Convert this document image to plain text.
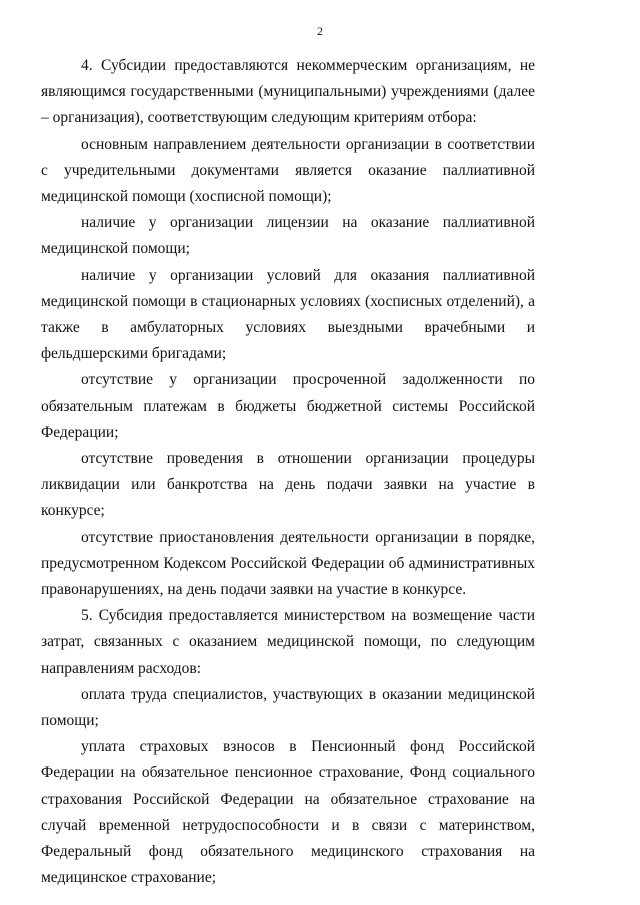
2

4. Субсидии предоставляются некоммерческим организациям, не являющимся государственными (муниципальными) учреждениями (далее – организация), соответствующим следующим критериям отбора:

основным направлением деятельности организации в соответствии с учредительными документами является оказание паллиативной медицинской помощи (хосписной помощи);

наличие у организации лицензии на оказание паллиативной медицинской помощи;

наличие у организации условий для оказания паллиативной медицинской помощи в стационарных условиях (хосписных отделений), а также в амбулаторных условиях выездными врачебными и фельдшерскими бригадами;

отсутствие у организации просроченной задолженности по обязательным платежам в бюджеты бюджетной системы Российской Федерации;

отсутствие проведения в отношении организации процедуры ликвидации или банкротства на день подачи заявки на участие в конкурсе;

отсутствие приостановления деятельности организации в порядке, предусмотренном Кодексом Российской Федерации об административных правонарушениях, на день подачи заявки на участие в конкурсе.

5. Субсидия предоставляется министерством на возмещение части затрат, связанных с оказанием медицинской помощи, по следующим направлениям расходов:

оплата труда специалистов, участвующих в оказании медицинской помощи;

уплата страховых взносов в Пенсионный фонд Российской Федерации на обязательное пенсионное страхование, Фонд социального страхования Российской Федерации на обязательное страхование на случай временной нетрудоспособности и в связи с материнством, Федеральный фонд обязательного медицинского страхования на медицинское страхование;
